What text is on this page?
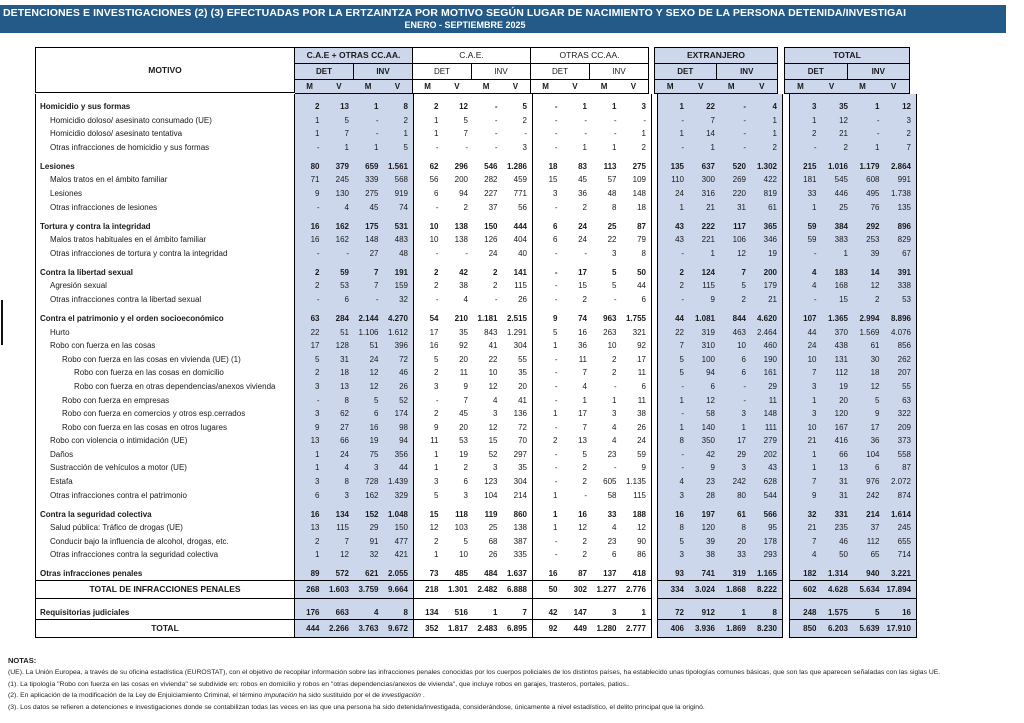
DETENCIONES E INVESTIGACIONES (2) (3) EFECTUADAS POR LA ERTZAINTZA POR MOTIVO SEGÚN LUGAR DE NACIMIENTO Y SEXO DE LA PERSONA DETENIDA/INVESTIGAI
ENERO - SEPTIEMBRE 2025
MOTIVO
C.A.E + OTRAS CC.AA.
DET	INV
M	V	M	V
C.A.E.
DET	INV
M	V	M	V
OTRAS CC.AA.
DET	INV
M	V	M	V
EXTRANJERO
DET	INV
M	V	M	V
TOTAL
DET	INV
M	V	M	V
Homicidio y sus formas	2	13	1	8	2	12	-	5	-	1	1	3	1	22	-	4	3	35	1	12
Homicidio doloso/ asesinato consumado (UE)	1	5	-	2	1	5	-	2	-	-	-	-	-	7	-	1	1	12	-	3
Homicidio doloso/ asesinato tentativa	1	7	-	1	1	7	-	-	-	-	-	1	1	14	-	1	2	21	-	2
Otras infracciones de homicidio y sus formas	-	1	1	5	-	-	-	3	-	1	1	2	-	1	-	2	-	2	1	7
Lesiones	80	379	659	1.561	62	296	546	1.286	18	83	113	275	135	637	520	1.302	215	1.016	1.179	2.864
Malos tratos en el ámbito familiar	71	245	339	568	56	200	282	459	15	45	57	109	110	300	269	422	181	545	608	991
Lesiones	9	130	275	919	6	94	227	771	3	36	48	148	24	316	220	819	33	446	495	1.738
Otras infracciones de lesiones	-	4	45	74	-	2	37	56	-	2	8	18	1	21	31	61	1	25	76	135
Tortura y contra la integridad	16	162	175	531	10	138	150	444	6	24	25	87	43	222	117	365	59	384	292	896
Malos tratos habituales en el ámbito familiar	16	162	148	483	10	138	126	404	6	24	22	79	43	221	106	346	59	383	253	829
Otras infracciones de tortura y contra la integridad	-	-	27	48	-	-	24	40	-	-	3	8	-	1	12	19	-	1	39	67
Contra la libertad sexual	2	59	7	191	2	42	2	141	-	17	5	50	2	124	7	200	4	183	14	391
Agresión sexual	2	53	7	159	2	38	2	115	-	15	5	44	2	115	5	179	4	168	12	338
Otras infracciones contra la libertad sexual	-	6	-	32	-	4	-	26	-	2	-	6	-	9	2	21	-	15	2	53
Contra el patrimonio y el orden socioeconómico	63	284	2.144	4.270	54	210	1.181	2.515	9	74	963	1.755	44	1.081	844	4.620	107	1.365	2.994	8.896
Hurto	22	51	1.106	1.612	17	35	843	1.291	5	16	263	321	22	319	463	2.464	44	370	1.569	4.076
Robo con fuerza en las cosas	17	128	51	396	16	92	41	304	1	36	10	92	7	310	10	460	24	438	61	856
Robo con fuerza en las cosas en vivienda (UE) (1)	5	31	24	72	5	20	22	55	-	11	2	17	5	100	6	190	10	131	30	262
Robo con fuerza en las cosas en domicilio	2	18	12	46	2	11	10	35	-	7	2	11	5	94	6	161	7	112	18	207
Robo con fuerza en otras dependencias/anexos vivienda	3	13	12	26	3	9	12	20	-	4	-	6	-	6	-	29	3	19	12	55
Robo con fuerza en empresas	-	8	5	52	-	7	4	41	-	1	1	11	1	12	-	11	1	20	5	63
Robo con fuerza en comercios y otros esp.cerrados	3	62	6	174	2	45	3	136	1	17	3	38	-	58	3	148	3	120	9	322
Robo con fuerza en las cosas en otros lugares	9	27	16	98	9	20	12	72	-	7	4	26	1	140	1	111	10	167	17	209
Robo con violencia o intimidación (UE)	13	66	19	94	11	53	15	70	2	13	4	24	8	350	17	279	21	416	36	373
Daños	1	24	75	356	1	19	52	297	-	5	23	59	-	42	29	202	1	66	104	558
Sustracción de vehículos a motor (UE)	1	4	3	44	1	2	3	35	-	2	-	9	-	9	3	43	1	13	6	87
Estafa	3	8	728	1.439	3	6	123	304	-	2	605	1.135	4	23	242	628	7	31	976	2.072
Otras infracciones contra el patrimonio	6	3	162	329	5	3	104	214	1	-	58	115	3	28	80	544	9	31	242	874
Contra la seguridad colectiva	16	134	152	1.048	15	118	119	860	1	16	33	188	16	197	61	566	32	331	214	1.614
Salud pública: Tráfico de drogas (UE)	13	115	29	150	12	103	25	138	1	12	4	12	8	120	8	95	21	235	37	245
Conducir bajo la influencia de alcohol, drogas, etc.	2	7	91	477	2	5	68	387	-	2	23	90	5	39	20	178	7	46	112	655
Otras infracciones contra la seguridad colectiva	1	12	32	421	1	10	26	335	-	2	6	86	3	38	33	293	4	50	65	714
Otras infracciones penales	89	572	621	2.055	73	485	484	1.637	16	87	137	418	93	741	319	1.165	182	1.314	940	3.221
TOTAL DE INFRACCIONES PENALES	268	1.603	3.759	9.664	218	1.301	2.482	6.888	50	302	1.277	2.776	334	3.024	1.868	8.222	602	4.628	5.634 17.894
Requisitorias judiciales	176	663	4	8	134	516	1	7	42	147	3	1	72	912	1	8	248	1.575	5	16
TOTAL	444	2.266	3.763	9.672	352	1.817	2.483	6.895	92	449	1.280	2.777	406	3.936	1.869	8.230	850	6.203	5.639 17.910
NOTAS:
(UE). La Unión Europea, a través de su oficina estadística (EUROSTAT), con el objetivo de recopilar información sobre las infracciones penales conocidas por los cuerpos policiales de los distintos países, ha establecido unas tipologías comunes básicas, que son las que aparecen señaladas con las siglas UE.
(1). La tipología "Robo con fuerza en las cosas en vivienda" se subdivide en: robos en domicilio y robos en "otras dependencias/anexos de vivienda", que incluye robos en garajes, trasteros, portales, patios..
(2). En aplicación de la modificación de la Ley de Enjuiciamiento Criminal, el término imputación ha sido sustituido por el de investigación .
(3). Los datos se refieren a detenciones e investigaciones donde se contabilizan todas las veces en las que una persona ha sido detenida/investigada, considerándose, únicamente a nivel estadístico, el delito principal que la originó.
